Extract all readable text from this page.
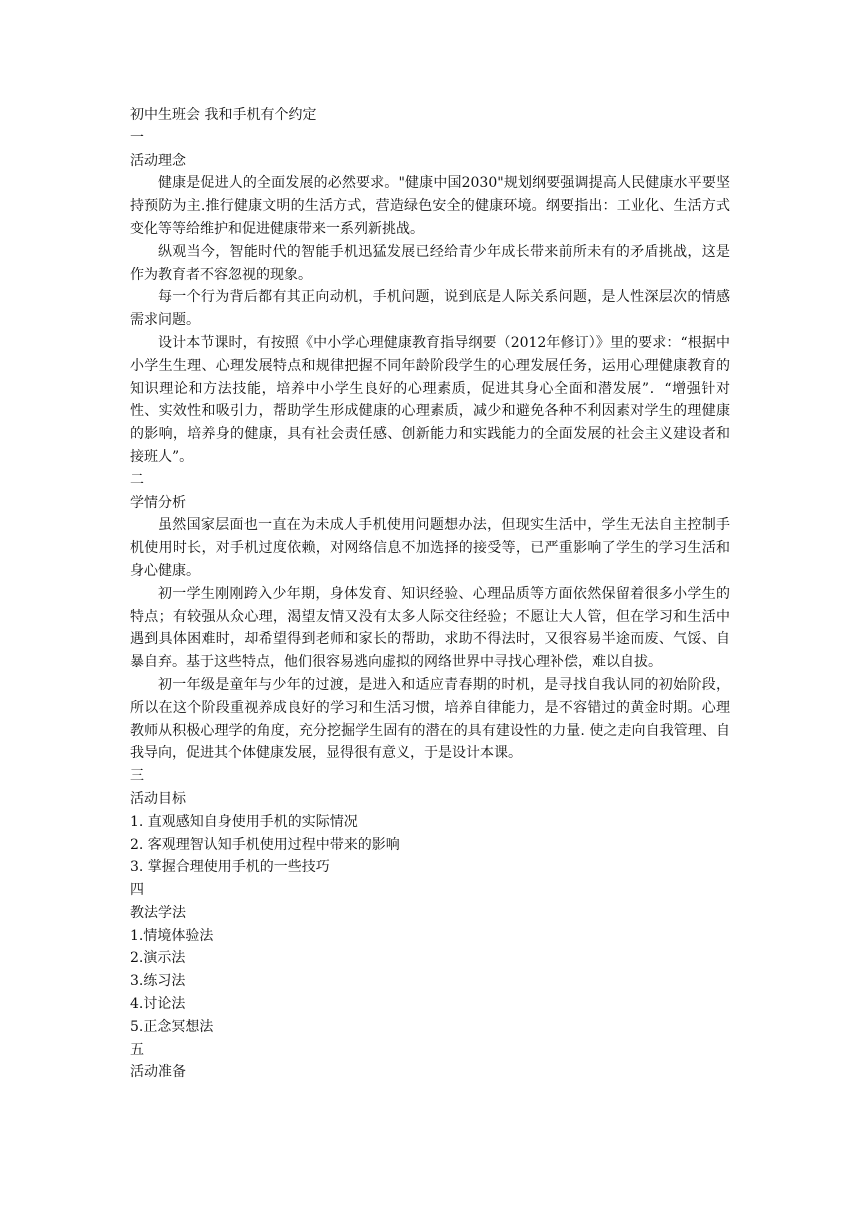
初中生班会 我和手机有个约定
一
活动理念
健康是促进人的全面发展的必然要求。"健康中国2030"规划纲要强调提高人民健康水平要坚持预防为主.推行健康文明的生活方式，营造绿色安全的健康环境。纲要指出：工业化、生活方式变化等等给维护和促进健康带来一系列新挑战。
纵观当今，智能时代的智能手机迅猛发展已经给青少年成长带来前所未有的矛盾挑战，这是作为教育者不容忽视的现象。
每一个行为背后都有其正向动机，手机问题，说到底是人际关系问题，是人性深层次的情感需求问题。
设计本节课时，有按照《中小学心理健康教育指导纲要（2012年修订）》里的要求：“根据中小学生生理、心理发展特点和规律把握不同年龄阶段学生的心理发展任务，运用心理健康教育的知识理论和方法技能，培养中小学生良好的心理素质，促进其身心全面和潜发展”．“增强针对性、实效性和吸引力，帮助学生形成健康的心理素质，减少和避免各种不利因素对学生的理健康的影响，培养身的健康，具有社会责任感、创新能力和实践能力的全面发展的社会主义建设者和接班人”。
二
学情分析
虽然国家层面也一直在为未成人手机使用问题想办法，但现实生活中，学生无法自主控制手机使用时长，对手机过度依赖，对网络信息不加选择的接受等，已严重影响了学生的学习生活和身心健康。
初一学生刚刚跨入少年期，身体发育、知识经验、心理品质等方面依然保留着很多小学生的特点；有较强从众心理，渴望友情又没有太多人际交往经验；不愿让大人管，但在学习和生活中遇到具体困难时，却希望得到老师和家长的帮助，求助不得法时，又很容易半途而废、气馁、自暴自弃。基于这些特点，他们很容易逃向虚拟的网络世界中寻找心理补偿，难以自拔。
初一年级是童年与少年的过渡，是进入和适应青春期的时机，是寻找自我认同的初始阶段，所以在这个阶段重视养成良好的学习和生活习惯，培养自律能力，是不容错过的黄金时期。心理教师从积极心理学的角度，充分挖掘学生固有的潜在的具有建设性的力量. 使之走向自我管理、自我导向，促进其个体健康发展，显得很有意义，于是设计本课。
三
活动目标
1. 直观感知自身使用手机的实际情况
2. 客观理智认知手机使用过程中带来的影响
3. 掌握合理使用手机的一些技巧
四
教法学法
1.情境体验法
2.演示法
3.练习法
4.讨论法
5.正念冥想法
五
活动准备
